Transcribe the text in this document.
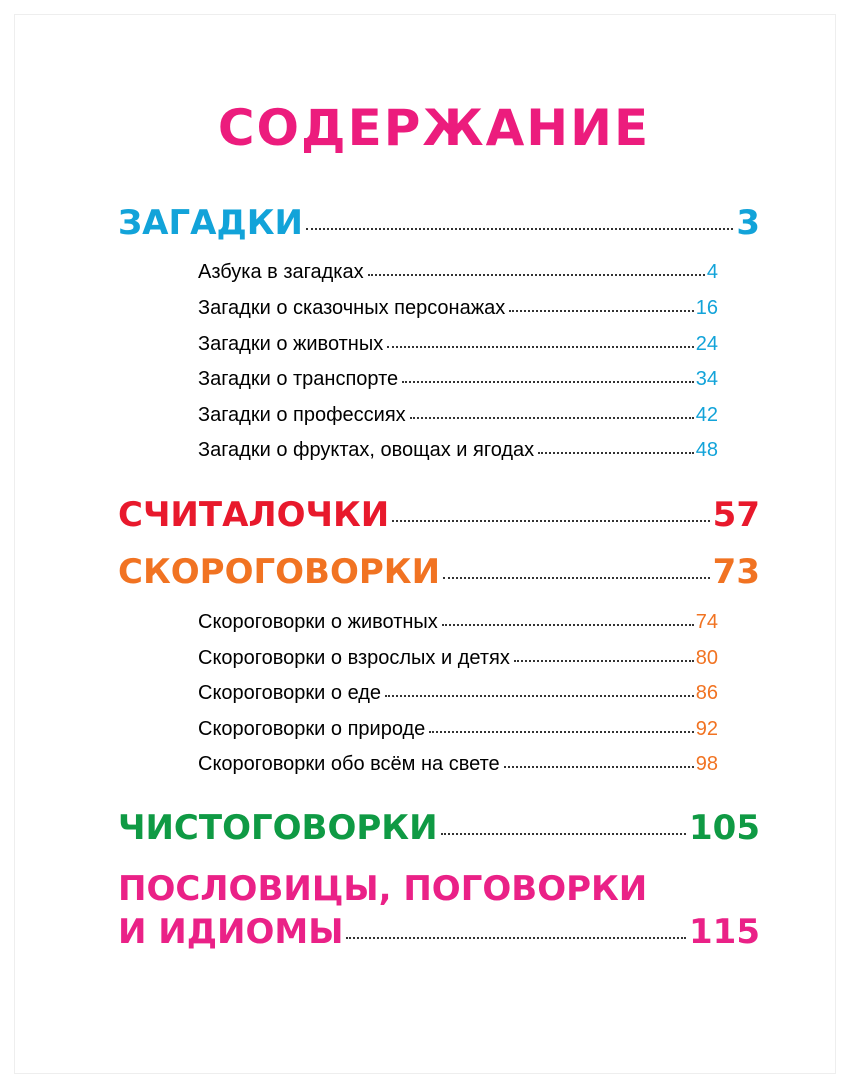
СОДЕРЖАНИЕ
ЗАГАДКИ	3
Азбука в загадках	4
Загадки о сказочных персонажах	16
Загадки о животных	24
Загадки о транспорте	34
Загадки о профессиях	42
Загадки о фруктах, овощах и ягодах	48
СЧИТАЛОЧКИ	57
СКОРОГОВОРКИ	73
Скороговорки о животных	74
Скороговорки о взрослых и детях	80
Скороговорки о еде	86
Скороговорки о природе	92
Скороговорки обо всём на свете	98
ЧИСТОГОВОРКИ	105
ПОСЛОВИЦЫ, ПОГОВОРКИ
И ИДИОМЫ	115
